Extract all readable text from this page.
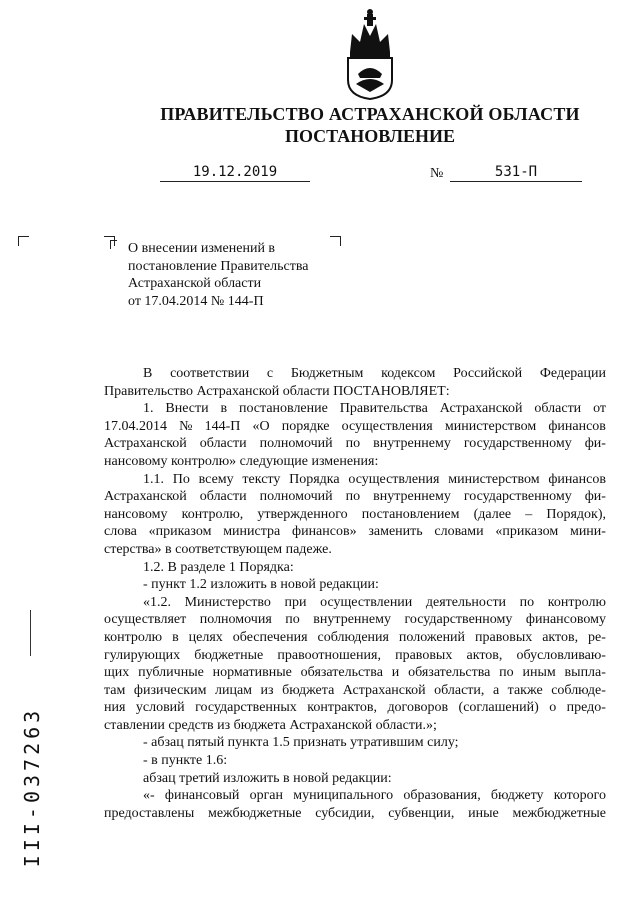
ПРАВИТЕЛЬСТВО АСТРАХАНСКОЙ ОБЛАСТИ
ПОСТАНОВЛЕНИЕ
19.12.2019	№	531-П
О внесении изменений в
постановление Правительства
Астраханской области
от 17.04.2014 № 144-П
В соответствии с Бюджетным кодексом Российской Федерации
Правительство Астраханской области ПОСТАНОВЛЯЕТ:
1. Внести в постановление Правительства Астраханской области от
17.04.2014 № 144-П «О порядке осуществления министерством финансов
Астраханской области полномочий по внутреннему государственному фи-
нансовому контролю» следующие изменения:
1.1. По всему тексту Порядка осуществления министерством финансов
Астраханской области полномочий по внутреннему государственному фи-
нансовому контролю, утвержденного постановлением (далее – Порядок),
слова «приказом министра финансов» заменить словами «приказом мини-
стерства» в соответствующем падеже.
1.2. В разделе 1 Порядка:
- пункт 1.2 изложить в новой редакции:
«1.2. Министерство при осуществлении деятельности по контролю
осуществляет полномочия по внутреннему государственному финансовому
контролю в целях обеспечения соблюдения положений правовых актов, ре-
гулирующих бюджетные правоотношения, правовых актов, обусловливаю-
щих публичные нормативные обязательства и обязательства по иным выпла-
там физическим лицам из бюджета Астраханской области, а также соблюде-
ния условий государственных контрактов, договоров (соглашений) о предо-
ставлении средств из бюджета Астраханской области.»;
- абзац пятый пункта 1.5 признать утратившим силу;
- в пункте 1.6:
абзац третий изложить в новой редакции:
«- финансовый орган муниципального образования, бюджету которого
предоставлены межбюджетные субсидии, субвенции, иные межбюджетные
III-037263
